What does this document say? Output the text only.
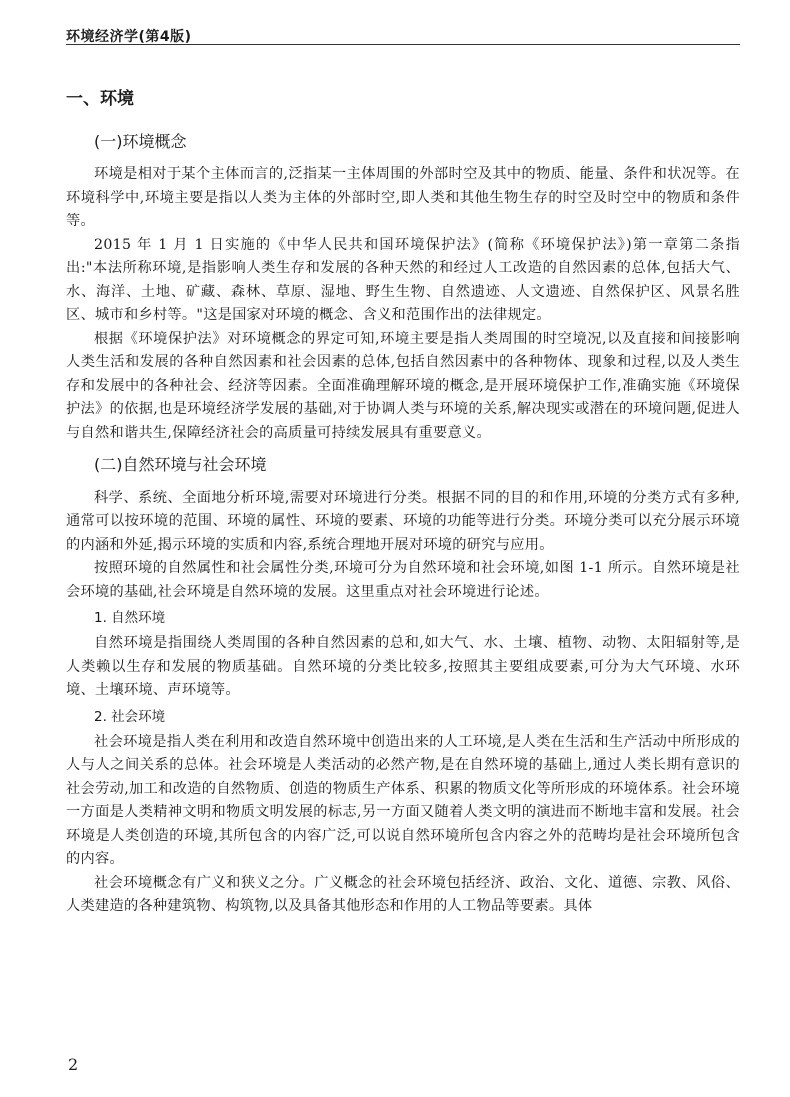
环境经济学(第4版)
一、环境
(一)环境概念

环境是相对于某个主体而言的,泛指某一主体周围的外部时空及其中的物质、能量、条件和状况等。在环境科学中,环境主要是指以人类为主体的外部时空,即人类和其他生物生存的时空及时空中的物质和条件等。

2015 年 1 月 1 日实施的《中华人民共和国环境保护法》(简称《环境保护法》)第一章第二条指出:"本法所称环境,是指影响人类生存和发展的各种天然的和经过人工改造的自然因素的总体,包括大气、水、海洋、土地、矿藏、森林、草原、湿地、野生生物、自然遗迹、人文遗迹、自然保护区、风景名胜区、城市和乡村等。"这是国家对环境的概念、含义和范围作出的法律规定。

根据《环境保护法》对环境概念的界定可知,环境主要是指人类周围的时空境况,以及直接和间接影响人类生活和发展的各种自然因素和社会因素的总体,包括自然因素中的各种物体、现象和过程,以及人类生存和发展中的各种社会、经济等因素。全面准确理解环境的概念,是开展环境保护工作,准确实施《环境保护法》的依据,也是环境经济学发展的基础,对于协调人类与环境的关系,解决现实或潜在的环境问题,促进人与自然和谐共生,保障经济社会的高质量可持续发展具有重要意义。

(二)自然环境与社会环境

科学、系统、全面地分析环境,需要对环境进行分类。根据不同的目的和作用,环境的分类方式有多种,通常可以按环境的范围、环境的属性、环境的要素、环境的功能等进行分类。环境分类可以充分展示环境的内涵和外延,揭示环境的实质和内容,系统合理地开展对环境的研究与应用。

按照环境的自然属性和社会属性分类,环境可分为自然环境和社会环境,如图 1-1 所示。自然环境是社会环境的基础,社会环境是自然环境的发展。这里重点对社会环境进行论述。

1. 自然环境

自然环境是指围绕人类周围的各种自然因素的总和,如大气、水、土壤、植物、动物、太阳辐射等,是人类赖以生存和发展的物质基础。自然环境的分类比较多,按照其主要组成要素,可分为大气环境、水环境、土壤环境、声环境等。

2. 社会环境

社会环境是指人类在利用和改造自然环境中创造出来的人工环境,是人类在生活和生产活动中所形成的人与人之间关系的总体。社会环境是人类活动的必然产物,是在自然环境的基础上,通过人类长期有意识的社会劳动,加工和改造的自然物质、创造的物质生产体系、积累的物质文化等所形成的环境体系。社会环境一方面是人类精神文明和物质文明发展的标志,另一方面又随着人类文明的演进而不断地丰富和发展。社会环境是人类创造的环境,其所包含的内容广泛,可以说自然环境所包含内容之外的范畴均是社会环境所包含的内容。

社会环境概念有广义和狭义之分。广义概念的社会环境包括经济、政治、文化、道德、宗教、风俗、人类建造的各种建筑物、构筑物,以及具备其他形态和作用的人工物品等要素。具体

2
